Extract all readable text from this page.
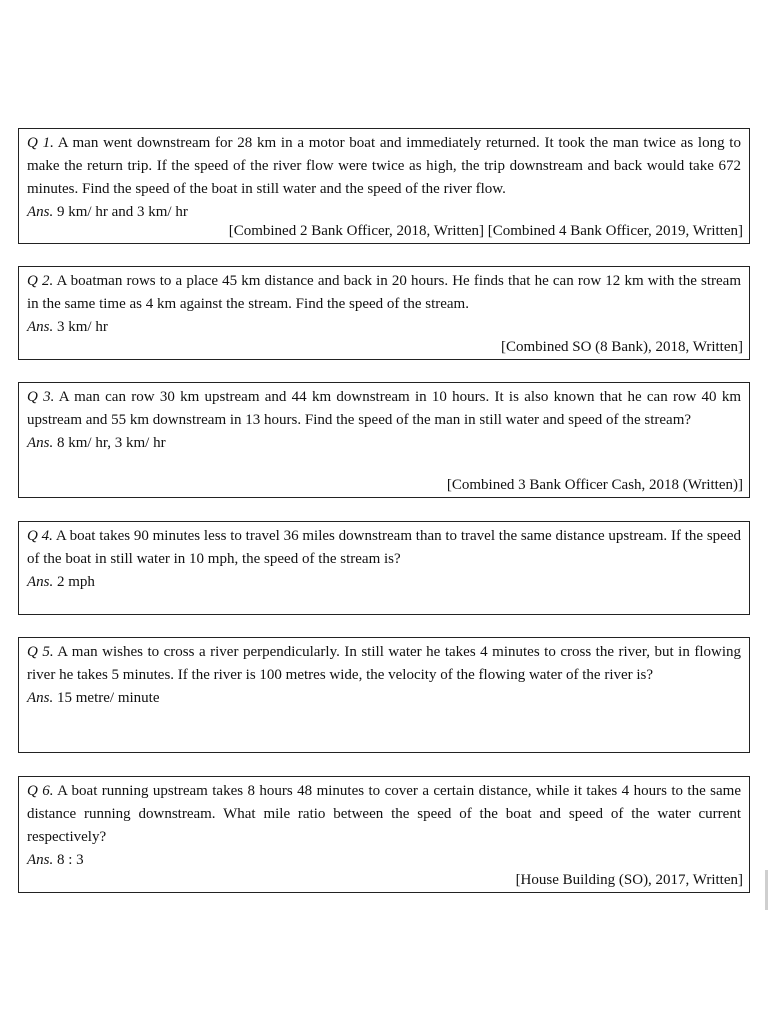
Q 1. A man went downstream for 28 km in a motor boat and immediately returned. It took the man twice as long to make the return trip. If the speed of the river flow were twice as high, the trip downstream and back would take 672 minutes. Find the speed of the boat in still water and the speed of the river flow.

Ans. 9 km/ hr and 3 km/ hr

[Combined 2 Bank Officer, 2018, Written] [Combined 4 Bank Officer, 2019, Written]

Q 2. A boatman rows to a place 45 km distance and back in 20 hours. He finds that he can row 12 km with the stream in the same time as 4 km against the stream. Find the speed of the stream.

Ans. 3 km/ hr

[Combined SO (8 Bank), 2018, Written]

Q 3. A man can row 30 km upstream and 44 km downstream in 10 hours. It is also known that he can row 40 km upstream and 55 km downstream in 13 hours. Find the speed of the man in still water and speed of the stream?

Ans. 8 km/ hr, 3 km/ hr

[Combined 3 Bank Officer Cash, 2018 (Written)]

Q 4. A boat takes 90 minutes less to travel 36 miles downstream than to travel the same distance upstream. If the speed of the boat in still water in 10 mph, the speed of the stream is?

Ans. 2 mph

Q 5. A man wishes to cross a river perpendicularly. In still water he takes 4 minutes to cross the river, but in flowing river he takes 5 minutes. If the river is 100 metres wide, the velocity of the flowing water of the river is?

Ans. 15 metre/ minute

Q 6. A boat running upstream takes 8 hours 48 minutes to cover a certain distance, while it takes 4 hours to the same distance running downstream. What mile ratio between the speed of the boat and speed of the water current respectively?

Ans. 8 : 3

[House Building (SO), 2017, Written]
